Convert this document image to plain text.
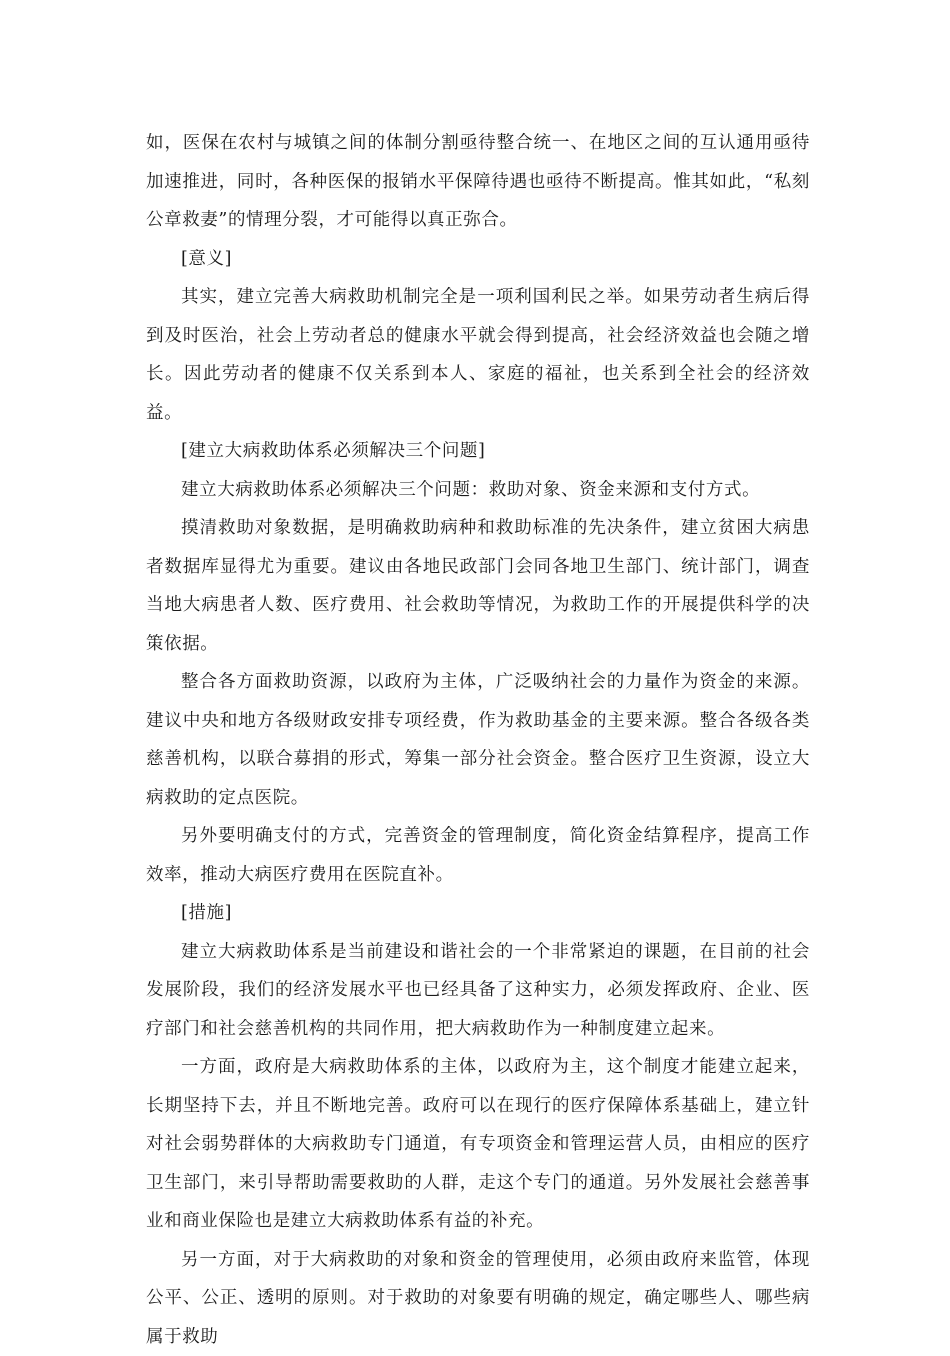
如，医保在农村与城镇之间的体制分割亟待整合统一、在地区之间的互认通用亟待加速推进，同时，各种医保的报销水平保障待遇也亟待不断提高。惟其如此，“私刻公章救妻”的情理分裂，才可能得以真正弥合。

[意义]

其实，建立完善大病救助机制完全是一项利国利民之举。如果劳动者生病后得到及时医治，社会上劳动者总的健康水平就会得到提高，社会经济效益也会随之增长。因此劳动者的健康不仅关系到本人、家庭的福祉，也关系到全社会的经济效益。

[建立大病救助体系必须解决三个问题]

建立大病救助体系必须解决三个问题：救助对象、资金来源和支付方式。

摸清救助对象数据，是明确救助病种和救助标准的先决条件，建立贫困大病患者数据库显得尤为重要。建议由各地民政部门会同各地卫生部门、统计部门，调查当地大病患者人数、医疗费用、社会救助等情况，为救助工作的开展提供科学的决策依据。

整合各方面救助资源，以政府为主体，广泛吸纳社会的力量作为资金的来源。建议中央和地方各级财政安排专项经费，作为救助基金的主要来源。整合各级各类慈善机构，以联合募捐的形式，筹集一部分社会资金。整合医疗卫生资源，设立大病救助的定点医院。

另外要明确支付的方式，完善资金的管理制度，简化资金结算程序，提高工作效率，推动大病医疗费用在医院直补。

[措施]

建立大病救助体系是当前建设和谐社会的一个非常紧迫的课题，在目前的社会发展阶段，我们的经济发展水平也已经具备了这种实力，必须发挥政府、企业、医疗部门和社会慈善机构的共同作用，把大病救助作为一种制度建立起来。

一方面，政府是大病救助体系的主体，以政府为主，这个制度才能建立起来，长期坚持下去，并且不断地完善。政府可以在现行的医疗保障体系基础上，建立针对社会弱势群体的大病救助专门通道，有专项资金和管理运营人员，由相应的医疗卫生部门，来引导帮助需要救助的人群，走这个专门的通道。另外发展社会慈善事业和商业保险也是建立大病救助体系有益的补充。

另一方面，对于大病救助的对象和资金的管理使用，必须由政府来监管，体现公平、公正、透明的原则。对于救助的对象要有明确的规定，确定哪些人、哪些病属于救助
